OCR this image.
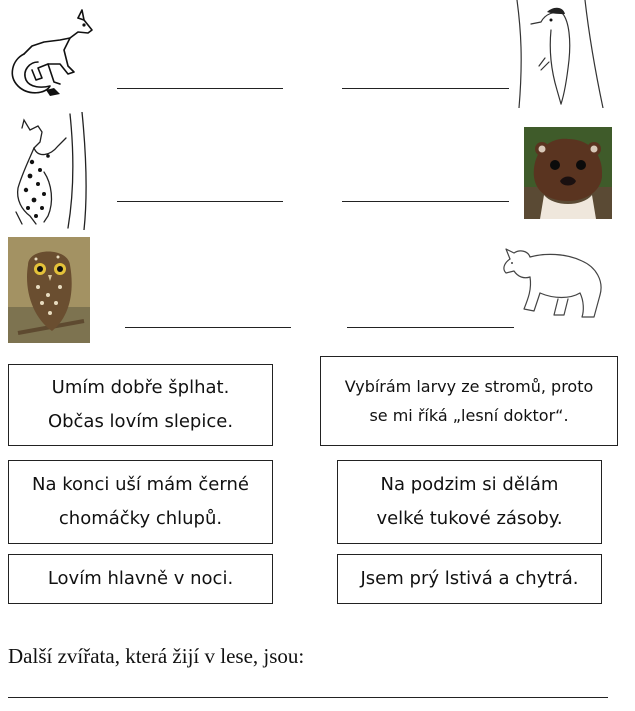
Umím dobře šplhat.
Občas lovím slepice.
Vybírám larvy ze stromů, proto
se mi říká „lesní doktor“.
Na konci uší mám černé
chomáčky chlupů.
Na podzim si dělám
velké tukové zásoby.
Lovím hlavně v noci.	Jsem prý lstivá a chytrá.
Další zvířata, která žijí v lese, jsou:
